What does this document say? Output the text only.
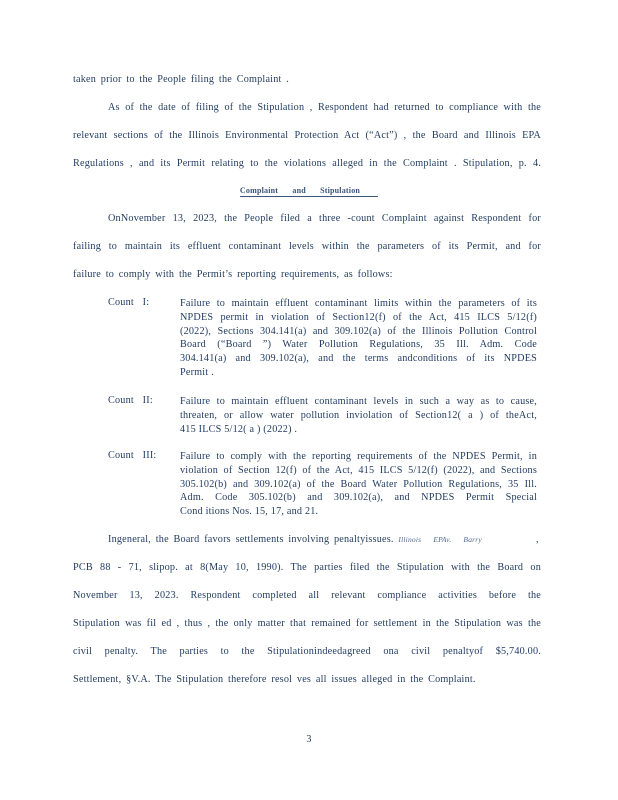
taken prior to the People filing the Complaint .
As of the date of filing of the Stipulation , Respondent had returned to compliance with the
relevant sections of the Illinois Environmental Protection Act (“Act”) , the Board and Illinois EPA
Regulations , and its Permit relating to the violations alleged in the Complaint . Stipulation, p. 4.
Complaint and Stipulation
OnNovember 13, 2023, the People filed a three -count Complaint against Respondent for
failing to maintain its effluent contaminant levels within the parameters of its Permit, and for
failure to comply with the Permit’s reporting requirements, as follows:
Count I:	Failure to maintain effluent contaminant limits within the parameters of its
NPDES permit in violation of Section12(f) of the Act, 415 ILCS 5/12(f)
(2022), Sections 304.141(a) and 309.102(a) of the Illinois Pollution Control
Board (“Board ”) Water Pollution Regulations, 35 Ill. Adm. Code
304.141(a) and 309.102(a), and the terms andconditions of its NPDES
Permit .
Count II:	Failure to maintain effluent contaminant levels in such a way as to cause,
threaten, or allow water pollution inviolation of Section12( a ) of theAct,
415 ILCS 5/12( a ) (2022) .
Count III: Failure to comply with the reporting requirements of the NPDES Permit, in
violation of Section 12(f) of the Act, 415 ILCS 5/12(f) (2022), and Sections
305.102(b) and 309.102(a) of the Board Water Pollution Regulations, 35 Ill.
Adm. Code 305.102(b) and 309.102(a), and NPDES Permit Special
Cond itions Nos. 15, 17, and 21.
Ingeneral, the Board favors settlements involving penaltyissues. Illinois EPAv. Barry	,
PCB 88 - 71, slipop. at 8(May 10, 1990). The parties filed the Stipulation with the Board on
November 13, 2023. Respondent completed all relevant compliance activities before the
Stipulation was fil ed , thus , the only matter that remained for settlement in the Stipulation was the
civil penalty. The parties to the Stipulationindeedagreed ona civil penaltyof $5,740.00.
Settlement, §V.A. The Stipulation therefore resol ves all issues alleged in the Complaint.
3
